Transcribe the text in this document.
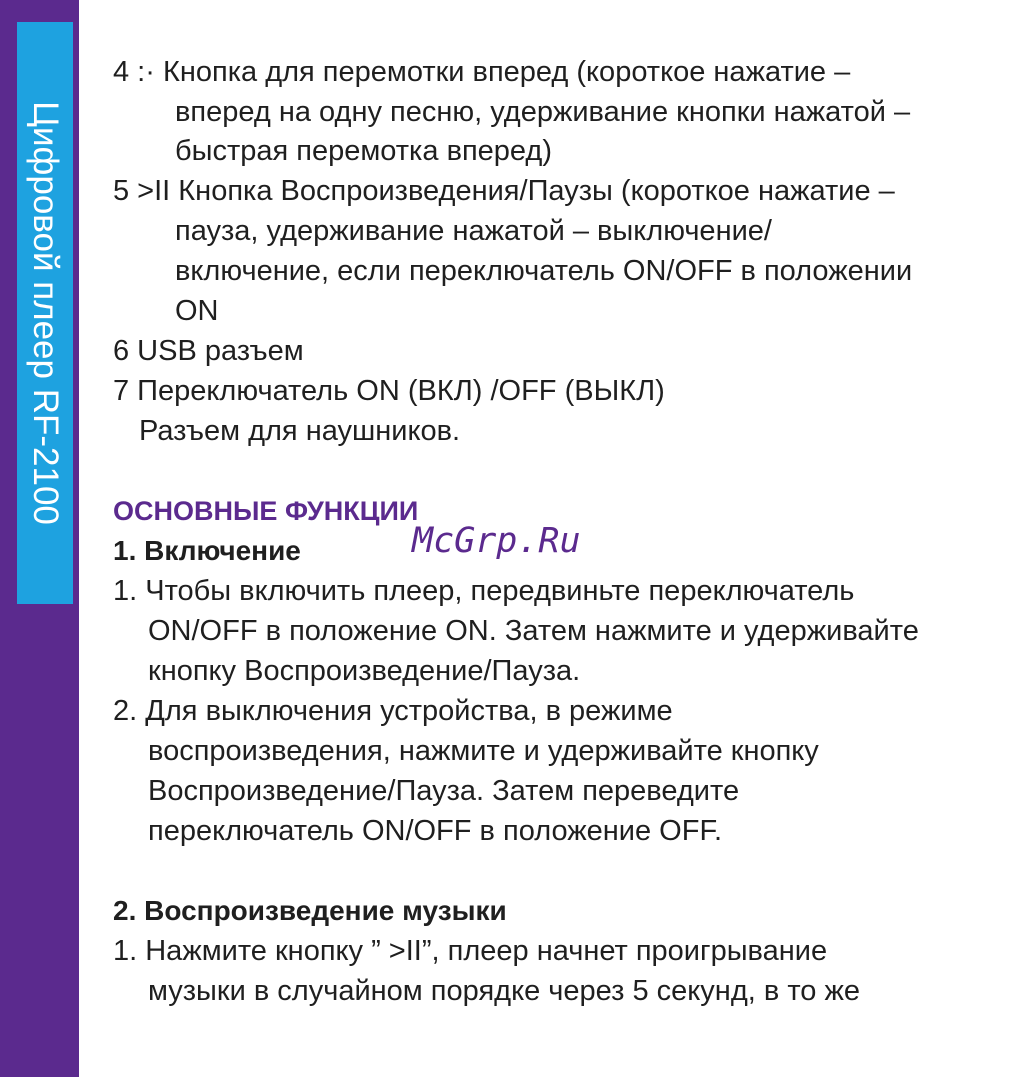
Цифровой плеер RF-2100
4 :· Кнопка для перемотки вперед (короткое нажатие –
вперед на одну песню, удерживание кнопки нажатой –
быстрая перемотка вперед)
5 >II Кнопка Воспроизведения/Паузы (короткое нажатие –
пауза, удерживание нажатой – выключение/
включение, если переключатель ON/OFF в положении
ON
6 USB разъем
7 Переключатель ON (ВКЛ) /OFF (ВЫКЛ)
Разъем для наушников.
ОСНОВНЫЕ ФУНКЦИИ
McGrp.Ru
1. Включение
1. Чтобы включить плеер, передвиньте переключатель
ON/OFF в положение ON. Затем нажмите и удерживайте
кнопку Воспроизведение/Пауза.
2. Для выключения устройства, в режиме
воспроизведения, нажмите и удерживайте кнопку
Воспроизведение/Пауза. Затем переведите
переключатель ON/OFF в положение OFF.
2. Воспроизведение музыки
1. Нажмите кнопку ” >II”, плеер начнет проигрывание
музыки в случайном порядке через 5 секунд, в то же
